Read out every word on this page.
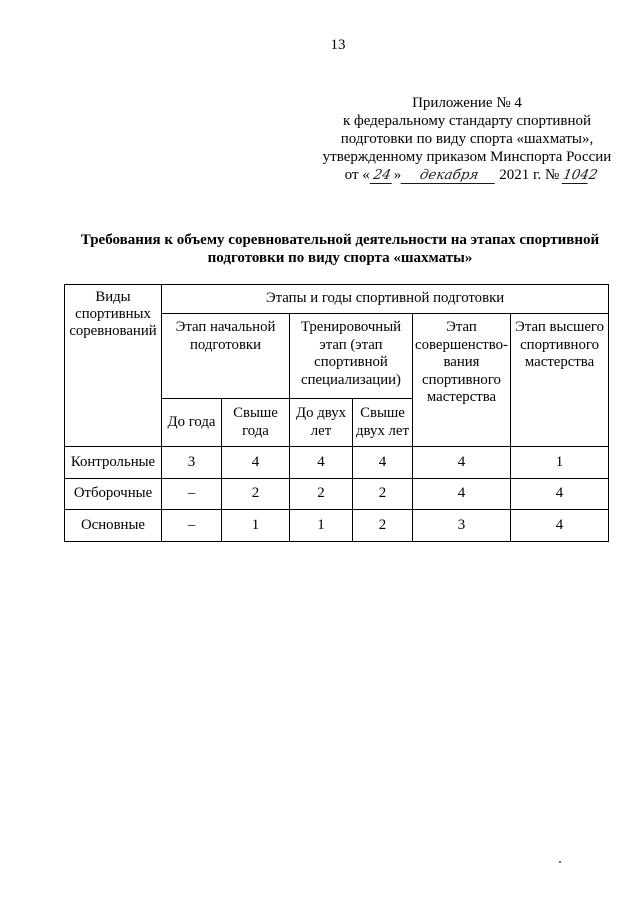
13
Приложение № 4
к федеральному стандарту спортивной
подготовки по виду спорта «шахматы»,
утвержденному приказом Минспорта России
от « 24 » декабря 2021 г. № 1042
Требования к объему соревновательной деятельности на этапах спортивной
подготовки по виду спорта «шахматы»
Виды
спортивных
соревнований	Этапы и годы спортивной подготовки					

	Этап начальной
подготовки		Тренировочный
этап (этап
спортивной
специализации)		Этап
совершенство-
вания
спортивного
мастерства	Этап высшего
спортивного
мастерства

	До года	Свыше
года	До двух
лет	Свыше
двух лет		

Контрольные	3	4	4	4	4	1
Отборочные	–	2	2	2	4	4
Основные	–	1	1	2	3	4
